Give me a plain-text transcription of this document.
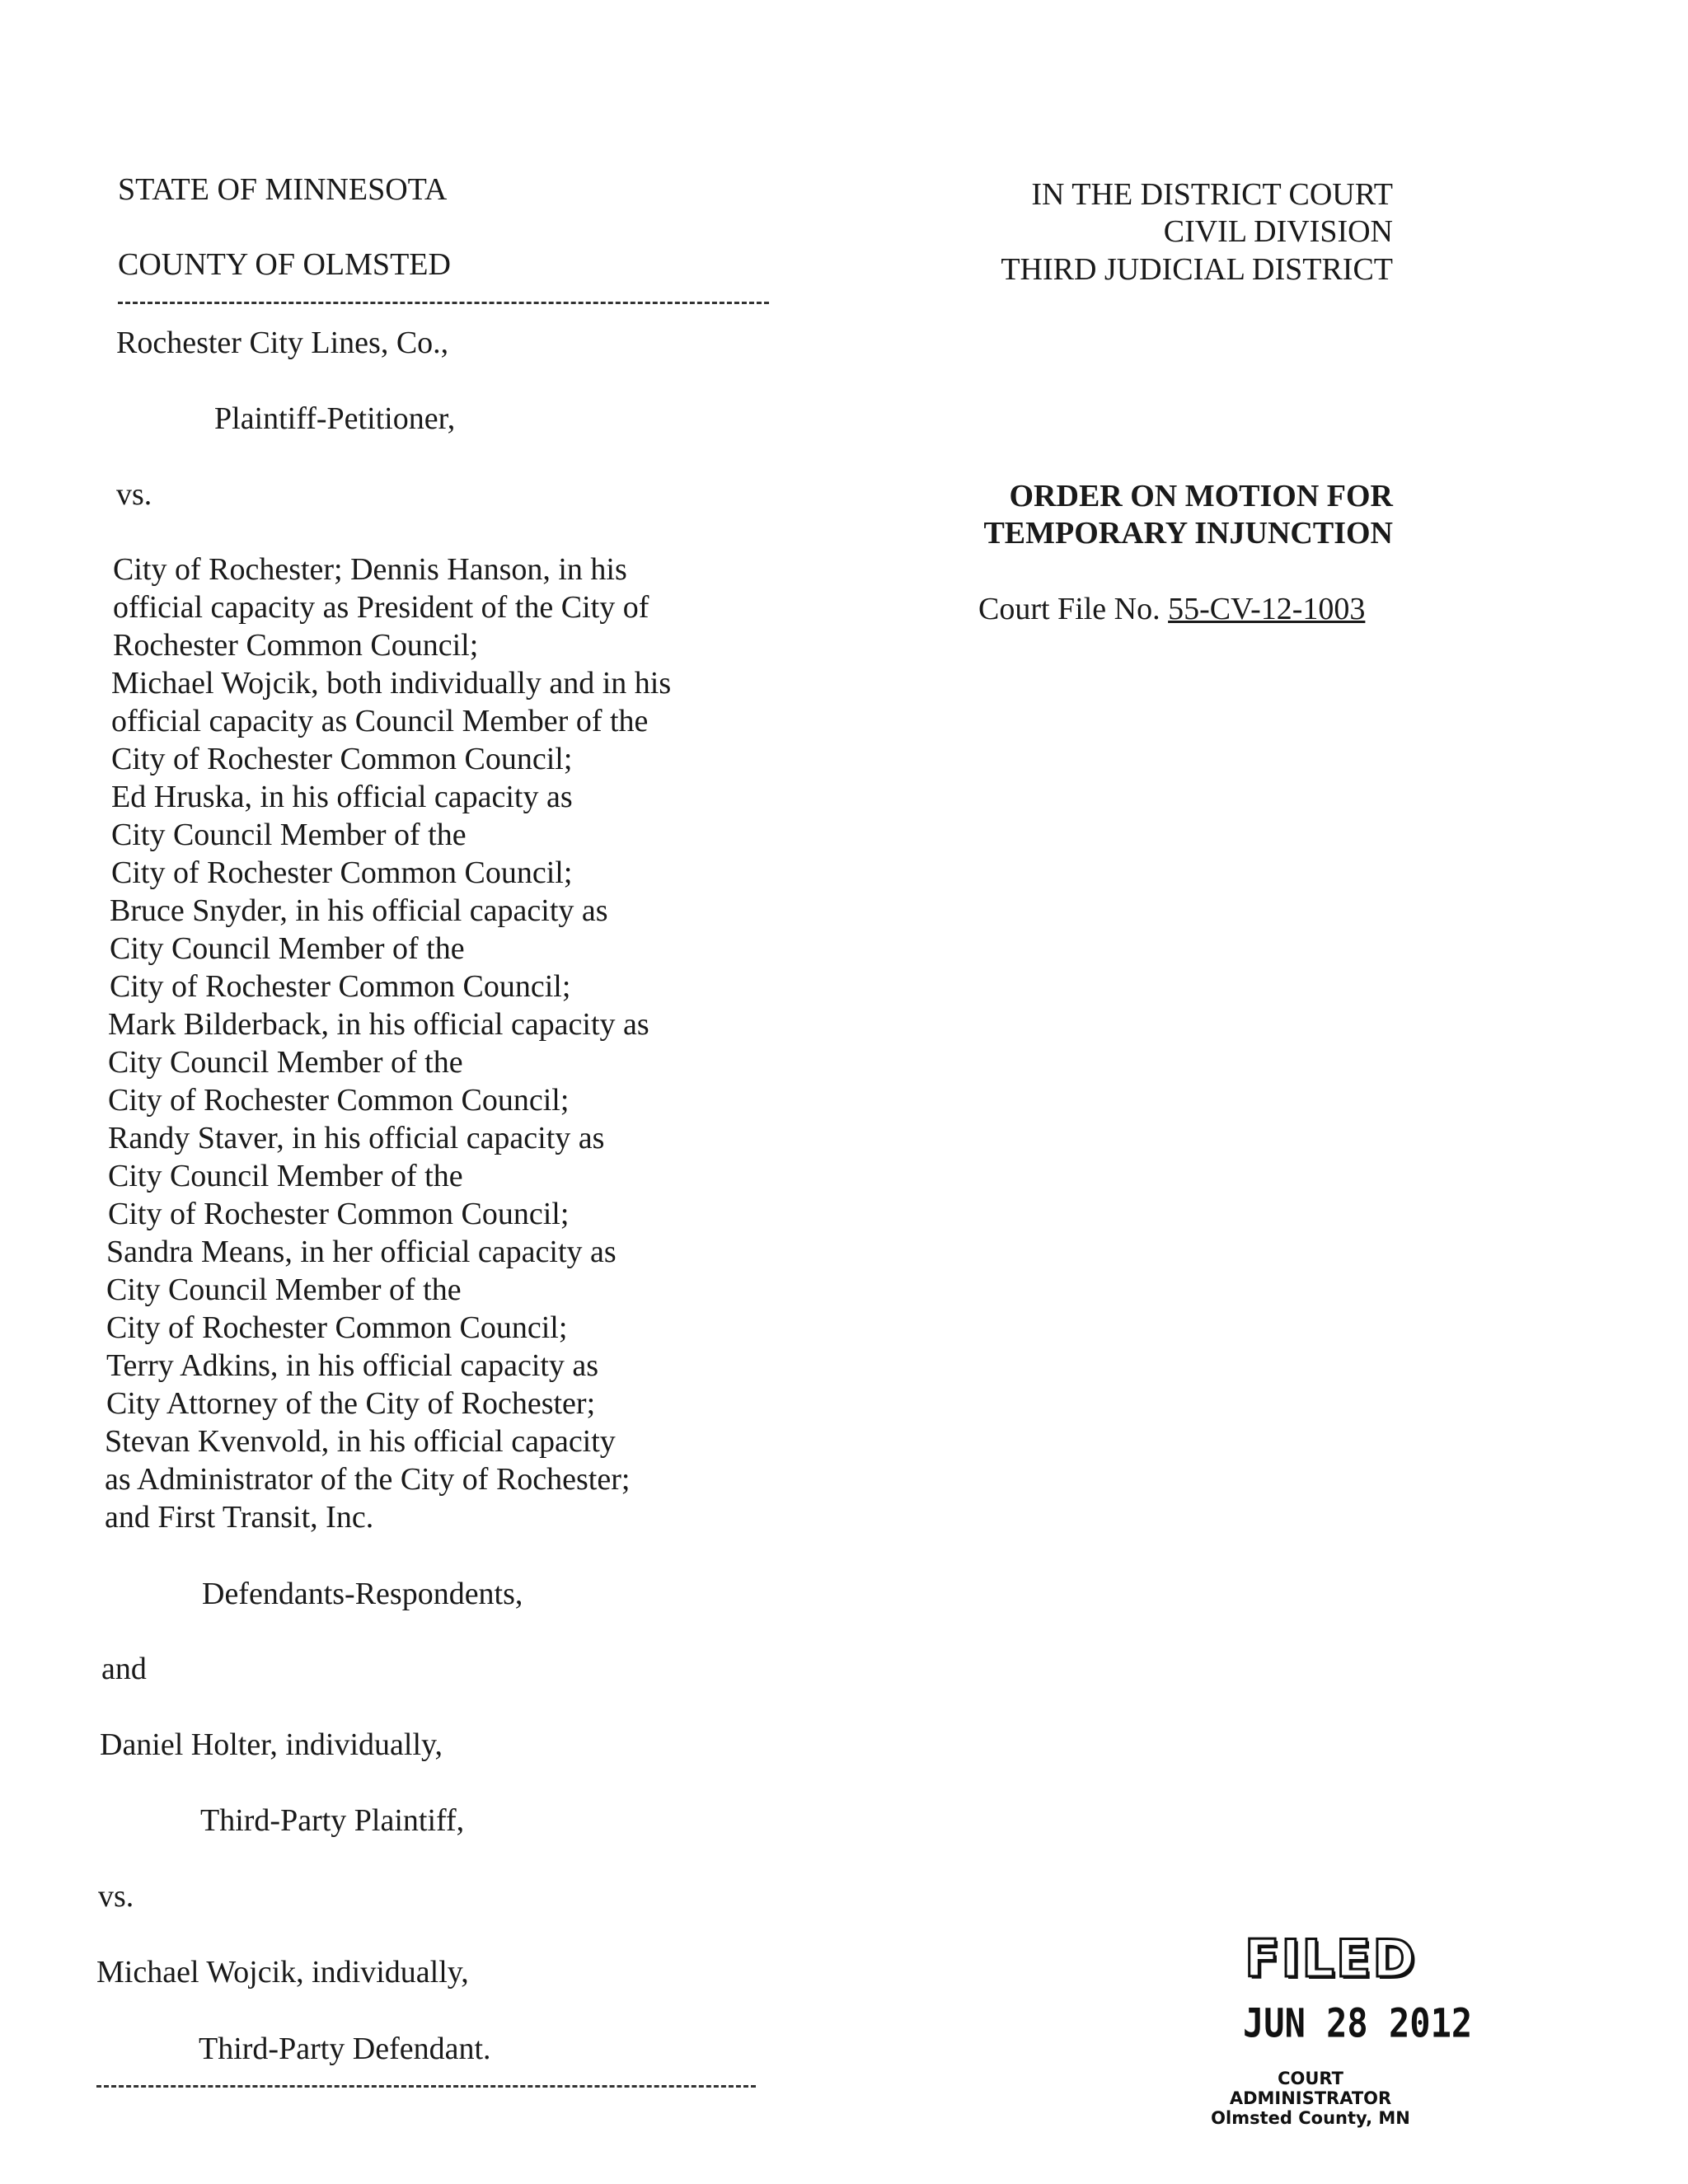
STATE OF MINNESOTA
COUNTY OF OLMSTED
IN THE DISTRICT COURT
CIVIL DIVISION
THIRD JUDICIAL DISTRICT
Rochester City Lines, Co.,
Plaintiff-Petitioner,
vs.	ORDER ON MOTION FOR
TEMPORARY INJUNCTION
Court File No. 55-CV-12-1003
City of Rochester; Dennis Hanson, in his
official capacity as President of the City of
Rochester Common Council;
Michael Wojcik, both individually and in his
official capacity as Council Member of the
City of Rochester Common Council;
Ed Hruska, in his official capacity as
City Council Member of the
City of Rochester Common Council;
Bruce Snyder, in his official capacity as
City Council Member of the
City of Rochester Common Council;
Mark Bilderback, in his official capacity as
City Council Member of the
City of Rochester Common Council;
Randy Staver, in his official capacity as
City Council Member of the
City of Rochester Common Council;
Sandra Means, in her official capacity as
City Council Member of the
City of Rochester Common Council;
Terry Adkins, in his official capacity as
City Attorney of the City of Rochester;
Stevan Kvenvold, in his official capacity
as Administrator of the City of Rochester;
and First Transit, Inc.
Defendants-Respondents,
and
Daniel Holter, individually,
Third-Party Plaintiff,
vs.
Michael Wojcik, individually,
Third-Party Defendant.
FILED
JUN 28 2012
COURT ADMINISTRATOR
Olmsted County, MN
